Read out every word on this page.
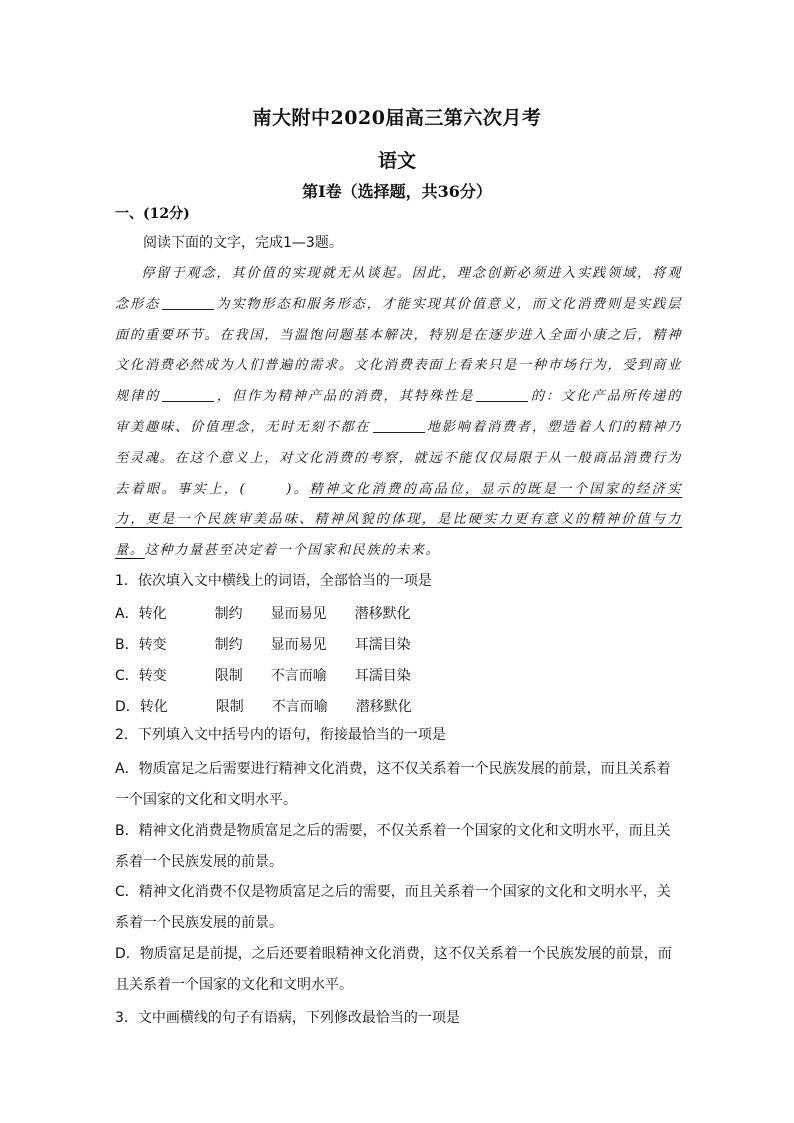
南大附中2020届高三第六次月考
语文
第I卷（选择题，共36分）
一、(12分)
阅读下面的文字，完成1—3题。

停留于观念，其价值的实现就无从谈起。因此，理念创新必须进入实践领域，将观念形态	为实物形态和服务形态，才能实现其价值意义，而文化消费则是实践层面的重要环节。在我国，当温饱问题基本解决，特别是在逐步进入全面小康之后，精神文化消费必然成为人们普遍的需求。文化消费表面上看来只是一种市场行为，受到商业规律的	，但作为精神产品的消费，其特殊性是	的：文化产品所传递的审美趣味、价值理念，无时无刻不都在	地影响着消费者，塑造着人们的精神乃至灵魂。在这个意义上，对文化消费的考察，就远不能仅仅局限于从一般商品消费行为去着眼。事实上，(	)。精神文化消费的高品位，显示的既是一个国家的经济实力，更是一个民族审美品味、精神风貌的体现，是比硬实力更有意义的精神价值与力量。这种力量甚至决定着一个国家和民族的未来。

1．依次填入文中横线上的词语，全部恰当的一项是

A．转化	制约 显而易见 潜移默化
B．转变	制约 显而易见 耳濡目染
C．转变	限制 不言而喻 耳濡目染
D．转化	限制 不言而喻 潜移默化

2．下列填入文中括号内的语句，衔接最恰当的一项是

A．物质富足之后需要进行精神文化消费，这不仅关系着一个民族发展的前景，而且关系着一个国家的文化和文明水平。

B．精神文化消费是物质富足之后的需要，不仅关系着一个国家的文化和文明水平，而且关系着一个民族发展的前景。

C．精神文化消费不仅是物质富足之后的需要，而且关系着一个国家的文化和文明水平，关系着一个民族发展的前景。

D．物质富足是前提，之后还要着眼精神文化消费，这不仅关系着一个民族发展的前景，而且关系着一个国家的文化和文明水平。

3．文中画横线的句子有语病，下列修改最恰当的一项是
